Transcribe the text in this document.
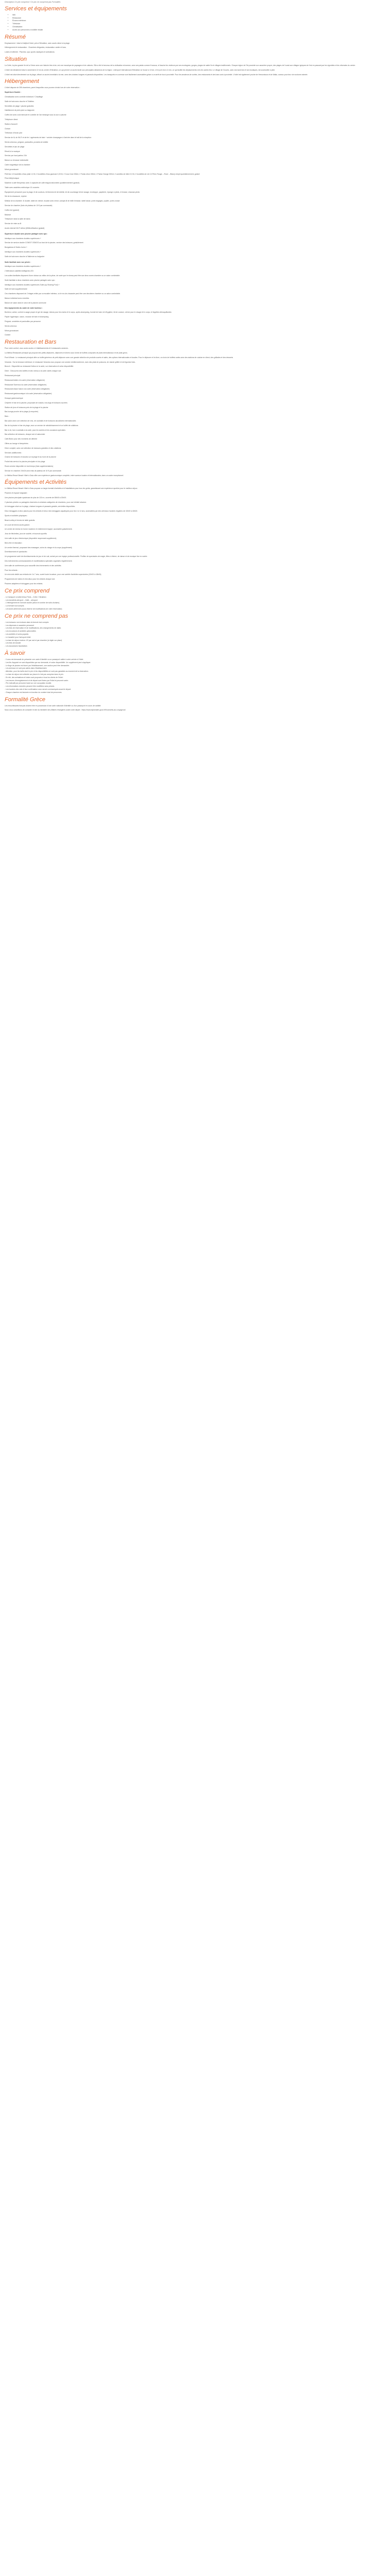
Description Ce prix comprend / Ce prix ne comprend pas Formalités

Services et équipements
• Wifi
• Restaurant
• Écrans extérieurs
• Télévision
• Climatisation
• Accès aux personnes à mobilité réduite
Résumé

Emplacement : Ideal à Kallyfort Hotel, près d'Héraklion, avec accès direct à la plage.

Hébergement et restauration : Chambres élégantes, restauration variée et bars.

Loisirs et détente : Piscines, spa, sports nautiques et animations.

Situation

La Crète, la plus grande île de la Grèce avec une histoire très riche, est une mosaïque de paysages et de cultures. Elle a été le berceau de la civilisation minoenne, avec ses palais comme Knossos, et fascine les visiteurs par ses montagnes, gorges, plages de sable fin et villages traditionnels. Chaque région de l'île possède son caractère propre, des plages de l'ouest aux villages typiques de l'est en passant par les vignobles et les oliveraies du centre.

L'hôtel est idéalement situé à seulement 12 km du centre d'Héraklion, ce qui permet un accès facile aux principales attractions de la région. L'aéroport international d'Héraklion se trouve à 10 km, et le port est à 11 km, ce qui facilite les déplacements vers les autres îles. Le village de Gouves, avec ses tavernes et ses boutiques, est accessible à pied.

L'hôtel est situé directement sur la plage, offrant un accès immédiat à la mer, avec des chaises longues et parasols disponibles. Les transports en commun sont facilement accessibles grâce à un arrêt de bus à proximité. Pour les amateurs de sorties, des restaurants et des bars sont à proximité. L'hôtel est également proche de Hersonissos et de Malia, connus pour leur vie nocturne animée.

Hébergement

L'hôtel dispose de 395 chambres, parmi lesquelles vous pourrez choisir lors de votre réservation :

Supérieure Double :

Climatisation avec contrôle individuel / Chauffage

Salle de bain avec douche et Toilettes

Serviettes de plage / piscine gratuites

Habillement de plein pied ou baignoire

Coffre-fort avec coût mensuel et contrôle de l'air échangé sous la cour à piscine

Téléphone direct

Station d'accueil

Cloison

Télévision d'écran plat

Service de lit, de Wi-Fi et de fer / agréments de bain + arrivée champagne à l'arrivée dans le hall de la réception

Sèche-cheveux, peignoir, pantoufles, produits de toilette

Serviettes et jeu de plage

Réveil à la musique

Service par haut parleur 24h

Balcon ou terrasse individuelle

Carte magnétique de la chambre

Miroir grossissant

Petit lion 12 bouteilles d'eau plate 1,5 lit, 2 bouteilles d'eau gazeuse 0,33 lit, 2 Coca Cola 330ml, 2 Fanta citron 330ml, 2 Fanta Orange 330ml, 2 canettes de bière 0,5 lit, 2 bouteilles de vin 0,375ml, Rouge – Rosé – Blanc) rempli quotidiennement, gratuit

Prise téléphonique

Machine à café Nespresso avec 4 capsules de café réapprovisionnées quotidiennement (gratuit)

Table avec assiettes météorique 10 couverts

Équipement personnel pour la plage, lit de couleurs, kit femmes kit de toilette, kit de coucheage kit de rasage, enveloppe, papeterie, éponge à pieds, et brosse, chausse-pieds

Set de la chaussure, repérer

Minibar de la chambre: 4l double, table de chevet, boudoir avec miroir, canapé-lit de belle terrasse, table basse, porte-bagages, pupitre, porte-crosse

Service de chambre (frais de plateau de 10 € par commande)

Coffre-fort (gratuit)

Balance

Téléphone dans la salle de bains

Service de mise au lit

Accès internet Wi-Fi début (Wifi/notification (gratuit)

Supérieure double avec piscine partagée avec spa :

Identique aux chambres doubles supérieures +

Service de service double CONSIT OSMOS au bord de la piscine, service des boissons, gratuitement

Bungalows et Suites Junior +

Identique aux chambres doubles supérieures +

Salle de bain avec douche à l'italienne ou baignoire

Suite familiale avec vue privée :

Identique aux chambres doubles supérieures +

2 téléviseurs satellite intelligents LED

Les suites familiales disposent d'une cloison au milieu de la pièce, de sorte que le niveau peut être aux deux zones chambre ou un salon confortable.

Suite familiale à deux chambres avec piscine partagée avec spa :

Identique aux chambres doubles supérieures Suite (sp Sharing Pool) +

Salle de bain supplémentaire

Ces chambres disposent de 2 étages reliés par un escalier intérieur, où le rez-de-chaussée peut être une deuxième chambre ou un salon confortable.

Balcon individuel avec meubles

Balcon de salon dans le cœur de la piscine commune

Des équipements du cadre de votre bonheur :

Bonheur, calme, confort à usage propre et gel de rasage, lotions pour les mains et le corps, après-shampoing, bonnet de bain, kit d'hygiène, kit de couture, crème pour le visage et le corps, et lingettes démaquillantes

Papier hygiénique, savon, mousse de bain et shampoing

Peignoir, serviettes et pantoufles par personne

Sèche-cheveux

Miroir grossissant

Cuisine

Restauration et Bars

Pour votre confort, vous aurez accès à 4 établissements et 6 restaurants annexes.

La Mékka Restaurant principal qui propose des petits-déjeuners, déjeuners et dîners sous forme de buffets composés de plats internationaux et de plats grecs.

Pomi Wheat : Le restaurant principal offre un buffet généreux de petit-déjeuner avec une grande sélection de produits sucrés et salés, des options internationales et locales. Pour le déjeuner et le dîner, un choix de buffets variés avec des stations de cuisine en direct, des grillades et des desserts.

Veranda : Sur la terrasse extérieure, le restaurant Veranda vous propose une cuisine méditerranéenne, avec des plats de poissons, de viande grillée et de légumes frais.

Brunch : Disponible au restaurant Kallus en la carte, sur réservation et selon disponibilité.

Dîner : Découvrez des buffets et des menus à la carte variés chaque soir.

Restaurant principal

Restaurant italien à la carte (réservation obligatoire)

Restaurant Taverna à la carte (réservation obligatoire)

Restaurant Asian fusion à la carte (réservation obligatoire)

Restaurant gastronomique à la carte (réservation obligatoire)

Kiosque gastronomique

Crêperie et bar de la piscine, proposant de snacks, hot-dogs et boissons sucrées

Station de jeux et boissons près de la plage et la piscine

Bar-lounge proche de la plage (à emporter)

Bars :

Bar-salon avec une sélection de vins, de cocktails et de boissons alcoolisées internationales

Bar de la piscine et bar de plage, avec un service de rafraîchissement et un buffet de collations

Bar à vin, bar à cocktails à la carte, pour les soirées et les occasions spéciales

Bar-sélection de boissons, chaque soir et saisonnier

Café-Bistro pour des moments de détente

Offres au lounge et tempérées

Dîner complet, avec une sélection de boissons gratuites et des collations

Services additionnels :

Chariot de boissons et snacks sur la plage et au bord de la piscine

Fruits frais servis à la piscine principale et à la plage

Room-service disponible en tout temps (frais supplémentaires)

Service en chambre 24h/24 avec frais de plateau de 10 € par commande.

Le Mékka Resort Beach Hôtel à Gaia offre une expérience gastronomique complète, entre saveurs locales et internationales, dans un cadre exceptionnel.

Équipements et Activités

Le Mékka Resort Beach Hôtel à Gaia propose un large éventail d'activités et d'installations pour tous les goûts, garantissant une expérience sportive pour le meilleur séjour.

Piscines et espace baignade :

Une piscine principale spacieuse de plus de 130 m², ouverte de 08h00 à 20h00.

2 piscines privées ou partagées réservées à certaines catégories de chambres, pour une intimité absolue.

Un toboggan situé sur la plage, chaises longues et parasols gratuits, serviettes disponibles.

Deux toboggans à deux places pour les enfants et deux mini-toboggans aquatiques pour les 4 à 12 ans, accessibles par des créneaux horaires réguliers de 10h00 à 18h00.

Sports et activités physiques :

Beach-volley et tennis de table gratuits.

Un court de tennis accès gratuit.

Un centre de remise en forme moderne et entièrement équipé, accessible gratuitement.

Jeux de fléchettes, jeux de société, et tournois sportifs.

Une salle de jeux électronique (disponible moyennant supplément).

Bien-être et relaxation :

Un centre thermal, proposant des massages, soins du visage et du corps (supplément).

Divertissement et spectacles :

Un programme varié de divertissements de jour et de nuit, animé par une équipe professionnelle. Profitez de spectacles de magie, fêtes à thème, de danse et de musique live en soirée.

Des événements communautaires et manifestations spéciales organisés régulièrement.

Une salle de conférences pour accueillir des événements et des activités.

Pour les enfants :

Un mini-club dédié aux enfants de 4 à 7 ans, ouvert toute la saison, pour une variété d'activités supervisées (10h00 à 18h00).

Programmes de loisirs et mini-disco pour les enfants chaque soir.

Piscines adaptées et toboggans pour les enfants.

Ce prix comprend

- Le transport vol aller/retour Paris – Crète / Héraklion

- Les transferts aéroport – hôtel – aéroport

- L'hébergement en formule double (selon le nombre de nuits choisies)

- La formule tout compris

- Les taxes aériennes (sous réserve de modifications de votre réservation)

Ce prix ne comprend pas

- Les boissons non incluses dans la formule tout compris

- Les dépenses à caractère personnel

- Les frais de réservation et de modifications, des changements de dates

- Les excursions et activités optionnelles

- Les activités et soins payants

- Le transfert pour l'aéroport-hôtel

- La taxe de séjour environ 4 € par nuit et par chambre (à régler sur place)

- Les frais de dossier

- Les assurances facultatives

À savoir

- Il vous est demandé de présenter une carte d'identité ou un passeport valide à votre arrivée à l'hôtel.

- Les lits d'appoint ne sont disponibles que sur demande, et selon disponibilité. Un supplément peut s'appliquer.

- Le linge de piscine est fourni par l'établissement, une caution peut être demandée.

- Les animaux ne sont pas admis dans l'établissement.

- Attention, pour les tarifs dont le prix et les disponibilités ne sont pas garanties au moment de la réservation.

- La taxe de séjour est collectée sur place et n'est pas comprise dans le prix.

- En été, des animations et loisirs sont proposés à tous les clients de l'hôtel.

- Les heures d'enregistrement et de départ sont fixées par l'hôtel et peuvent varier.

- Prix indicatif par personne basé sur une occupation double.

- Les informations données peuvent être modifiées sans préavis.

- Les horaires des vols et leur confirmation vous seront communiqués avant le départ.

- Chaque chambre est facturée en fonction du nombre total de personnes.

Formalité Grèce

Les ressortissants français doivent être en possession d'une carte nationale d'identité ou d'un passeport en cours de validité.

Nous vous conseillons de consulter le site du ministère des Affaires étrangères avant votre départ : https://www.diplomatie.gouv.fr/fr/conseils-aux-voyageurs/
